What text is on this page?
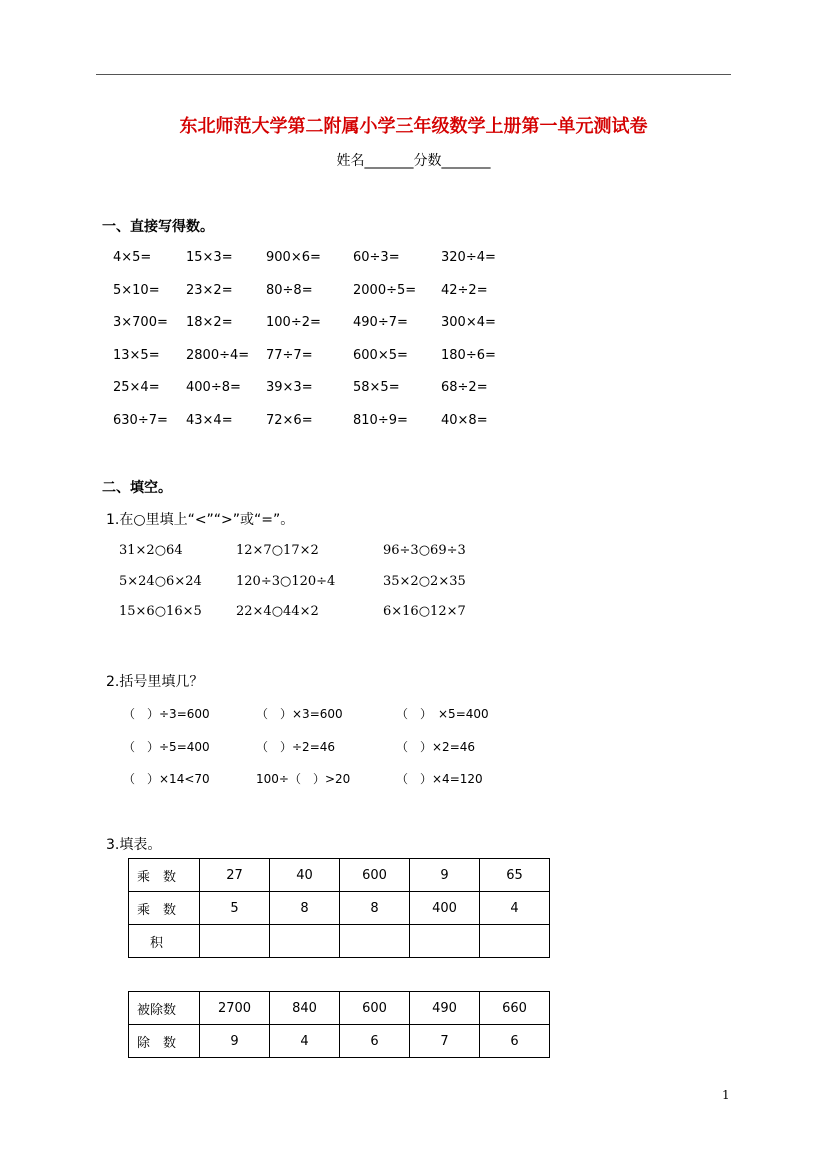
东北师范大学第二附属小学三年级数学上册第一单元测试卷
姓名_______分数_______
一、直接写得数。
4×5=	15×3=	900×6= 60÷3=	320÷4=
5×10= 23×2=	80÷8=	2000÷5= 42÷2=
3×700= 18×2=	100÷2= 490÷7=	300×4=
13×5= 2800÷4= 77÷7=	600×5=	180÷6=
25×4= 400÷8= 39×3=	58×5=	68÷2=
630÷7= 43×4=	72×6=	810÷9=	40×8=
二、填空。
1.在○里填上“<”“>”或“=”。
31×2○64	12×7○17×2	96÷3○69÷3
5×24○6×24	120÷3○120÷4	35×2○2×35
15×6○16×5	22×4○44×2	6×16○12×7
2.括号里填几？
（　）÷3=600	（　）×3=600	（　）　×5=400
（　）÷5=400	（　）÷2=46	（　）×2=46
（　）×14<70	100÷（　）>20	（　）×4=120
3.填表。
乘　数	27	40	600	9	65
乘　数	5	8	8	400	4
　积					
被除数	2700	840	600	490	660
除　数	9	4	6	7	6
1
